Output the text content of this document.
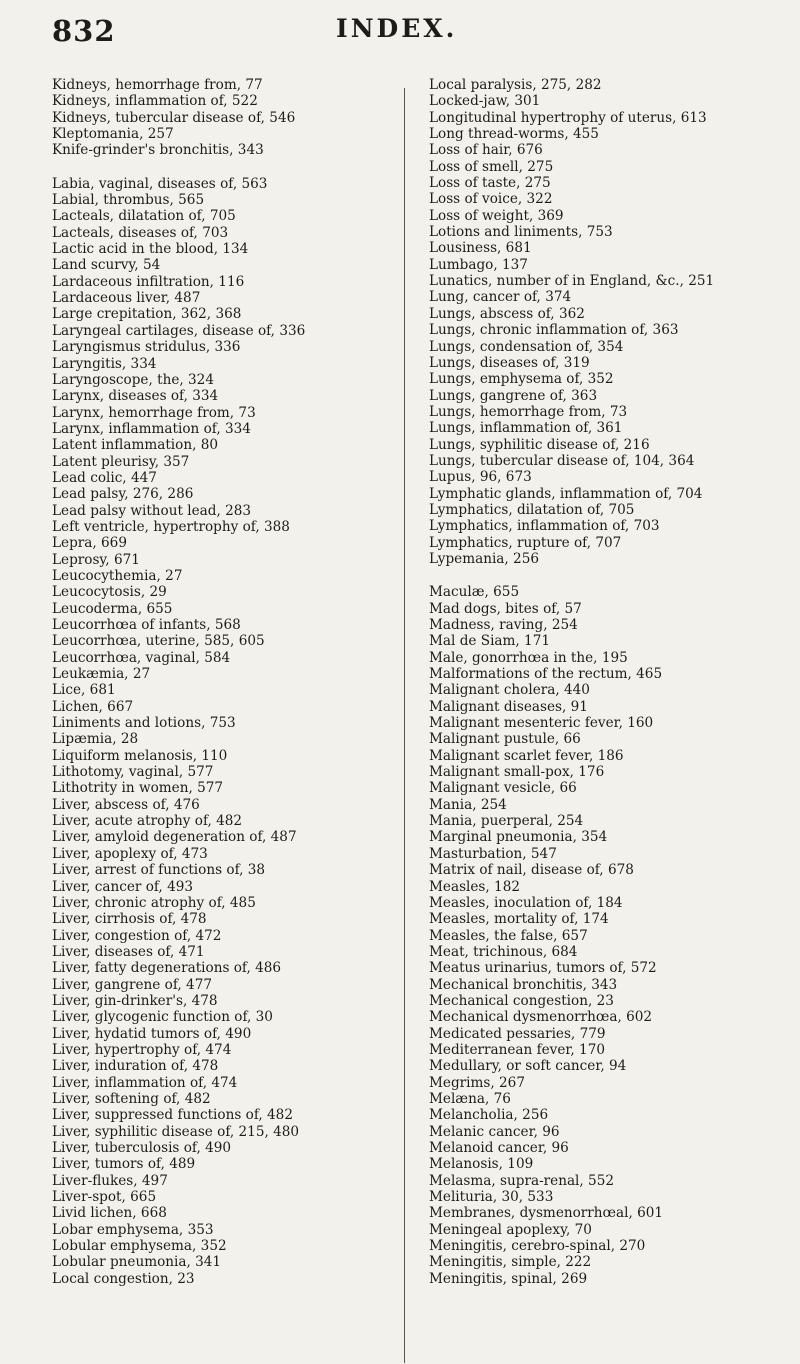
832	INDEX.
Kidneys, hemorrhage from, 77
Kidneys, inflammation of, 522
Kidneys, tubercular disease of, 546
Kleptomania, 257
Knife-grinder's bronchitis, 343
Labia, vaginal, diseases of, 563
Labial, thrombus, 565
Lacteals, dilatation of, 705
Lacteals, diseases of, 703
Lactic acid in the blood, 134
Land scurvy, 54
Lardaceous infiltration, 116
Lardaceous liver, 487
Large crepitation, 362, 368
Laryngeal cartilages, disease of, 336
Laryngismus stridulus, 336
Laryngitis, 334
Laryngoscope, the, 324
Larynx, diseases of, 334
Larynx, hemorrhage from, 73
Larynx, inflammation of, 334
Latent inflammation, 80
Latent pleurisy, 357
Lead colic, 447
Lead palsy, 276, 286
Lead palsy without lead, 283
Left ventricle, hypertrophy of, 388
Lepra, 669
Leprosy, 671
Leucocythemia, 27
Leucocytosis, 29
Leucoderma, 655
Leucorrhœa of infants, 568
Leucorrhœa, uterine, 585, 605
Leucorrhœa, vaginal, 584
Leukæmia, 27
Lice, 681
Lichen, 667
Liniments and lotions, 753
Lipæmia, 28
Liquiform melanosis, 110
Lithotomy, vaginal, 577
Lithotrity in women, 577
Liver, abscess of, 476
Liver, acute atrophy of, 482
Liver, amyloid degeneration of, 487
Liver, apoplexy of, 473
Liver, arrest of functions of, 38
Liver, cancer of, 493
Liver, chronic atrophy of, 485
Liver, cirrhosis of, 478
Liver, congestion of, 472
Liver, diseases of, 471
Liver, fatty degenerations of, 486
Liver, gangrene of, 477
Liver, gin-drinker's, 478
Liver, glycogenic function of, 30
Liver, hydatid tumors of, 490
Liver, hypertrophy of, 474
Liver, induration of, 478
Liver, inflammation of, 474
Liver, softening of, 482
Liver, suppressed functions of, 482
Liver, syphilitic disease of, 215, 480
Liver, tuberculosis of, 490
Liver, tumors of, 489
Liver-flukes, 497
Liver-spot, 665
Livid lichen, 668
Lobar emphysema, 353
Lobular emphysema, 352
Lobular pneumonia, 341
Local congestion, 23
Local paralysis, 275, 282
Locked-jaw, 301
Longitudinal hypertrophy of uterus, 613
Long thread-worms, 455
Loss of hair, 676
Loss of smell, 275
Loss of taste, 275
Loss of voice, 322
Loss of weight, 369
Lotions and liniments, 753
Lousiness, 681
Lumbago, 137
Lunatics, number of in England, &c., 251
Lung, cancer of, 374
Lungs, abscess of, 362
Lungs, chronic inflammation of, 363
Lungs, condensation of, 354
Lungs, diseases of, 319
Lungs, emphysema of, 352
Lungs, gangrene of, 363
Lungs, hemorrhage from, 73
Lungs, inflammation of, 361
Lungs, syphilitic disease of, 216
Lungs, tubercular disease of, 104, 364
Lupus, 96, 673
Lymphatic glands, inflammation of, 704
Lymphatics, dilatation of, 705
Lymphatics, inflammation of, 703
Lymphatics, rupture of, 707
Lypemania, 256
Maculæ, 655
Mad dogs, bites of, 57
Madness, raving, 254
Mal de Siam, 171
Male, gonorrhœa in the, 195
Malformations of the rectum, 465
Malignant cholera, 440
Malignant diseases, 91
Malignant mesenteric fever, 160
Malignant pustule, 66
Malignant scarlet fever, 186
Malignant small-pox, 176
Malignant vesicle, 66
Mania, 254
Mania, puerperal, 254
Marginal pneumonia, 354
Masturbation, 547
Matrix of nail, disease of, 678
Measles, 182
Measles, inoculation of, 184
Measles, mortality of, 174
Measles, the false, 657
Meat, trichinous, 684
Meatus urinarius, tumors of, 572
Mechanical bronchitis, 343
Mechanical congestion, 23
Mechanical dysmenorrhœa, 602
Medicated pessaries, 779
Mediterranean fever, 170
Medullary, or soft cancer, 94
Megrims, 267
Melæna, 76
Melancholia, 256
Melanic cancer, 96
Melanoid cancer, 96
Melanosis, 109
Melasma, supra-renal, 552
Melituria, 30, 533
Membranes, dysmenorrhœal, 601
Meningeal apoplexy, 70
Meningitis, cerebro-spinal, 270
Meningitis, simple, 222
Meningitis, spinal, 269
